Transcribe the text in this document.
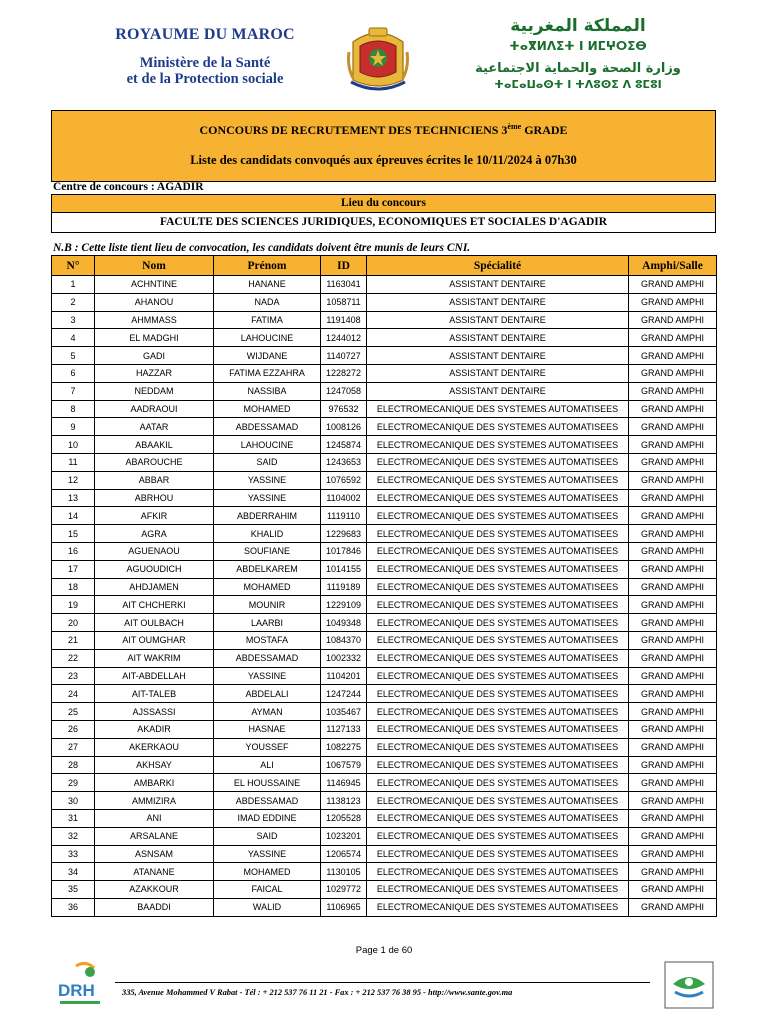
ROYAUME DU MAROC
Ministère de la Santé
et de la Protection sociale
المملكة المغربية
ⵜⴰⴳⵍⴷⵉⵜ ⵏ ⵍⵎⵖⵔⵉⴱ
وزارة الصحة والحماية الاجتماعية
ⵜⴰⵎⴰⵡⴰⵙⵜ ⵏ ⵜⴷⵓⵙⵉ ⴷ ⵓⵎⵓⵏ
CONCOURS DE RECRUTEMENT DES TECHNICIENS 3ème GRADE
Liste des candidats convoqués aux épreuves écrites le 10/11/2024 à 07h30
Centre de concours : AGADIR
Lieu du concours
FACULTE DES SCIENCES JURIDIQUES, ECONOMIQUES ET SOCIALES D'AGADIR
N.B : Cette liste tient lieu de convocation, les candidats doivent être munis de leurs CNI.
N°	Nom	Prénom	ID	Spécialité	Amphi/Salle
1	ACHNTINE	HANANE	1163041	ASSISTANT DENTAIRE	GRAND AMPHI
2	AHANOU	NADA	1058711	ASSISTANT DENTAIRE	GRAND AMPHI
3	AHMMASS	FATIMA	1191408	ASSISTANT DENTAIRE	GRAND AMPHI
4	EL MADGHI	LAHOUCINE	1244012	ASSISTANT DENTAIRE	GRAND AMPHI
5	GADI	WIJDANE	1140727	ASSISTANT DENTAIRE	GRAND AMPHI
6	HAZZAR	FATIMA EZZAHRA	1228272	ASSISTANT DENTAIRE	GRAND AMPHI
7	NEDDAM	NASSIBA	1247058	ASSISTANT DENTAIRE	GRAND AMPHI
8	AADRAOUI	MOHAMED	976532	ELECTROMECANIQUE DES SYSTEMES AUTOMATISEES	GRAND AMPHI
9	AATAR	ABDESSAMAD	1008126	ELECTROMECANIQUE DES SYSTEMES AUTOMATISEES	GRAND AMPHI
10	ABAAKIL	LAHOUCINE	1245874	ELECTROMECANIQUE DES SYSTEMES AUTOMATISEES	GRAND AMPHI
11	ABAROUCHE	SAID	1243653	ELECTROMECANIQUE DES SYSTEMES AUTOMATISEES	GRAND AMPHI
12	ABBAR	YASSINE	1076592	ELECTROMECANIQUE DES SYSTEMES AUTOMATISEES	GRAND AMPHI
13	ABRHOU	YASSINE	1104002	ELECTROMECANIQUE DES SYSTEMES AUTOMATISEES	GRAND AMPHI
14	AFKIR	ABDERRAHIM	1119110	ELECTROMECANIQUE DES SYSTEMES AUTOMATISEES	GRAND AMPHI
15	AGRA	KHALID	1229683	ELECTROMECANIQUE DES SYSTEMES AUTOMATISEES	GRAND AMPHI
16	AGUENAOU	SOUFIANE	1017846	ELECTROMECANIQUE DES SYSTEMES AUTOMATISEES	GRAND AMPHI
17	AGUOUDICH	ABDELKAREM	1014155	ELECTROMECANIQUE DES SYSTEMES AUTOMATISEES	GRAND AMPHI
18	AHDJAMEN	MOHAMED	1119189	ELECTROMECANIQUE DES SYSTEMES AUTOMATISEES	GRAND AMPHI
19	AIT CHCHERKI	MOUNIR	1229109	ELECTROMECANIQUE DES SYSTEMES AUTOMATISEES	GRAND AMPHI
20	AIT OULBACH	LAARBI	1049348	ELECTROMECANIQUE DES SYSTEMES AUTOMATISEES	GRAND AMPHI
21	AIT OUMGHAR	MOSTAFA	1084370	ELECTROMECANIQUE DES SYSTEMES AUTOMATISEES	GRAND AMPHI
22	AIT WAKRIM	ABDESSAMAD	1002332	ELECTROMECANIQUE DES SYSTEMES AUTOMATISEES	GRAND AMPHI
23	AIT-ABDELLAH	YASSINE	1104201	ELECTROMECANIQUE DES SYSTEMES AUTOMATISEES	GRAND AMPHI
24	AIT-TALEB	ABDELALI	1247244	ELECTROMECANIQUE DES SYSTEMES AUTOMATISEES	GRAND AMPHI
25	AJSSASSI	AYMAN	1035467	ELECTROMECANIQUE DES SYSTEMES AUTOMATISEES	GRAND AMPHI
26	AKADIR	HASNAE	1127133	ELECTROMECANIQUE DES SYSTEMES AUTOMATISEES	GRAND AMPHI
27	AKERKAOU	YOUSSEF	1082275	ELECTROMECANIQUE DES SYSTEMES AUTOMATISEES	GRAND AMPHI
28	AKHSAY	ALI	1067579	ELECTROMECANIQUE DES SYSTEMES AUTOMATISEES	GRAND AMPHI
29	AMBARKI	EL HOUSSAINE	1146945	ELECTROMECANIQUE DES SYSTEMES AUTOMATISEES	GRAND AMPHI
30	AMMIZIRA	ABDESSAMAD	1138123	ELECTROMECANIQUE DES SYSTEMES AUTOMATISEES	GRAND AMPHI
31	ANI	IMAD EDDINE	1205528	ELECTROMECANIQUE DES SYSTEMES AUTOMATISEES	GRAND AMPHI
32	ARSALANE	SAID	1023201	ELECTROMECANIQUE DES SYSTEMES AUTOMATISEES	GRAND AMPHI
33	ASNSAM	YASSINE	1206574	ELECTROMECANIQUE DES SYSTEMES AUTOMATISEES	GRAND AMPHI
34	ATANANE	MOHAMED	1130105	ELECTROMECANIQUE DES SYSTEMES AUTOMATISEES	GRAND AMPHI
35	AZAKKOUR	FAICAL	1029772	ELECTROMECANIQUE DES SYSTEMES AUTOMATISEES	GRAND AMPHI
36	BAADDI	WALID	1106965	ELECTROMECANIQUE DES SYSTEMES AUTOMATISEES	GRAND AMPHI
Page 1 de 60
DRH	335, Avenue Mohammed V Rabat - Tél : + 212 537 76 11 21 - Fax : + 212 537 76 38 95 - http://www.sante.gov.ma
